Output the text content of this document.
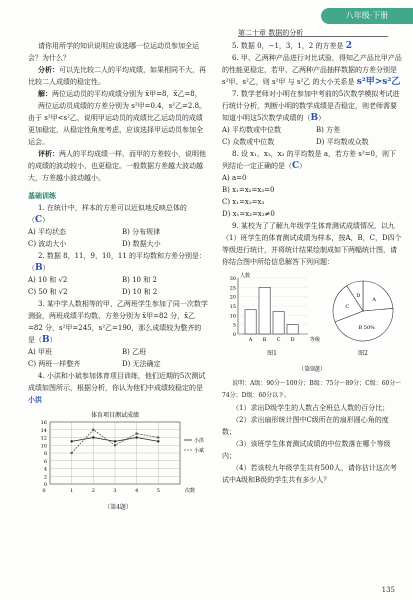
八年级·下册
第二十章 数据的分析

请你用所学的知识说明应该选哪一位运动员参加全运会？为什么？

分析：可以先比较二人的平均成绩，如果相同不大，再比较二人成绩的稳定性。

解：两位运动员的平均成绩分别为 x̄甲=8，x̄乙=8，

两位运动员成绩的方差分别为 s²甲=0.4，s²乙=2.8。由于 s²甲<s²乙，说明甲运动员的成绩比乙运动员的成绩更加稳定，从稳定性角度考虑，应该选择甲运动员参加全运会。

评析：两人的平均成绩一样，而甲的方差较小，说明他的成绩的波动较小，也更稳定。一般数据方差越大波动越大，方差越小波动越小。

基础训练

1. 在统计中，样本的方差可以近似地反映总体的（C）

A) 平均状态	B) 分布规律
C) 波动大小	D) 数据大小

2. 数据 8，11，9，10，11 的平均数和方差分别是：（B）

A) 10 和 √2	B) 10 和 2
C) 50 和 √2	D) 10 和 2

3. 某中学人数相等的甲、乙两班学生参加了同一次数学测验，两班成绩平均数、方差分别为 x̄甲=82 分，x̄乙=82 分，s²甲=245，s²乙=190，那么成绩较为整齐的是（B）

A) 甲班	B) 乙班
C) 两班一样整齐	D) 无法确定

4. 小洪和小斌参加体育项目训练，他们近期的5次测试成绩如图所示，根据分析，你认为他们中成绩较稳定的是 小洪

体育项目测试成绩
0
2
4
6
8
10
12
14
16
1	2	3	4	5
0	次数
小洪
小斌
（第4题）

5. 数据 0，−1，3，1，2 的方差是 2

6. 甲、乙两种产品进行对比试验，得知乙产品比甲产品的性能更稳定，若甲、乙两种产品抽样数据的方差分别是 s²甲、s²乙，则 s²甲 与 s²乙 的大小关系是 s²甲>s²乙

7. 数学老师对小明在参加中考前的5次数学模拟考试进行统计分析，判断小明的数学成绩是否稳定，则老师需要知道小明这5次数学成绩的（B）

A) 平均数或中位数	B) 方差
C) 众数或中位数	D) 平均数或众数

8. 设 x₁，x₂，x₃ 的平均数是 a，若方差 s²=0，则下列结论一定正确的是（C）

A) a=0
B) x₁=x₂=x₃=0
C) x₁=x₂=x₃
D) x₁=x₂=x₃≠0

9. 某校为了了解九年级学生体育测试成绩情况，以九（1）班学生的体育测试成绩为样本，按A，B，C，D四个等级进行统计，并将统计结果绘制成如下两幅统计图，请你结合图中所给信息解答下列问题：

人数
0
5
10
15
20
25
30
A B C D	等级
图1
A
B 50%
C
D
图2
（第9题）

说明：A级：90分～100分；B级：75分～89分；C级：60分～74分；D级：60分以下。

（1）求出D级学生的人数占全班总人数的百分比；

（2）求出扇形统计图中C级所在的扇形圆心角的度数；

（3）该班学生体育测试成绩的中位数落在哪个等级内；

（4）若该校九年级学生共有500人，请你估计这次考试中A级和B级的学生共有多少人？

135
